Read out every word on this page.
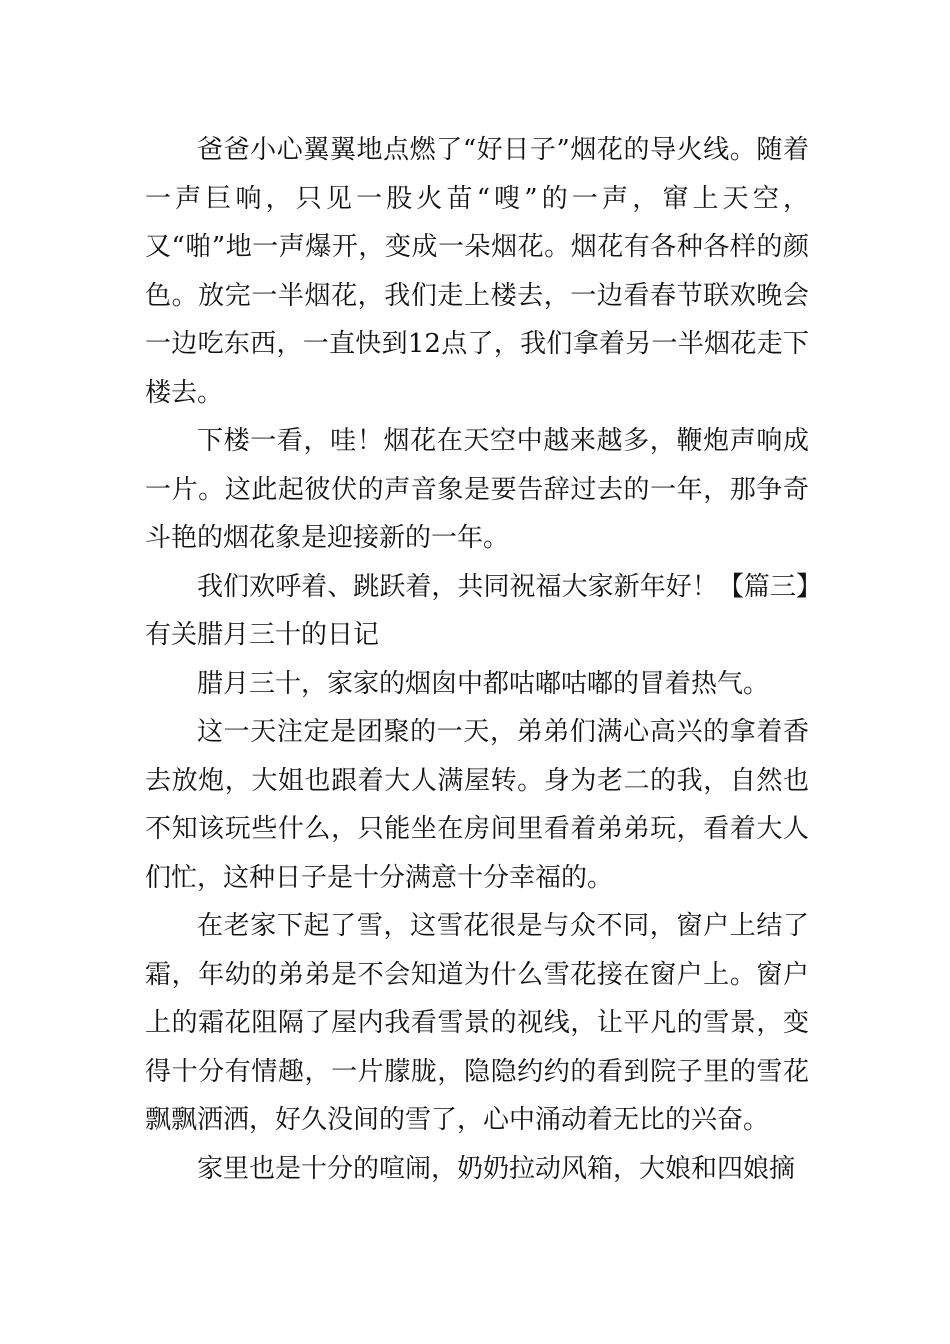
爸爸小心翼翼地点燃了“好日子”烟花的导火线。随着一声巨响，只见一股火苗“嗖”的一声，窜上天空，又“啪”地一声爆开，变成一朵烟花。烟花有各种各样的颜色。放完一半烟花，我们走上楼去，一边看春节联欢晚会一边吃东西，一直快到12点了，我们拿着另一半烟花走下楼去。

下楼一看，哇！烟花在天空中越来越多，鞭炮声响成一片。这此起彼伏的声音象是要告辞过去的一年，那争奇斗艳的烟花象是迎接新的一年。

我们欢呼着、跳跃着，共同祝福大家新年好！【篇三】有关腊月三十的日记

腊月三十，家家的烟囱中都咕嘟咕嘟的冒着热气。

这一天注定是团聚的一天，弟弟们满心高兴的拿着香去放炮，大姐也跟着大人满屋转。身为老二的我，自然也不知该玩些什么，只能坐在房间里看着弟弟玩，看着大人们忙，这种日子是十分满意十分幸福的。

在老家下起了雪，这雪花很是与众不同，窗户上结了霜，年幼的弟弟是不会知道为什么雪花接在窗户上。窗户上的霜花阻隔了屋内我看雪景的视线，让平凡的雪景，变得十分有情趣，一片朦胧，隐隐约约的看到院子里的雪花飘飘洒洒，好久没间的雪了，心中涌动着无比的兴奋。

家里也是十分的喧闹，奶奶拉动风箱，大娘和四娘摘
